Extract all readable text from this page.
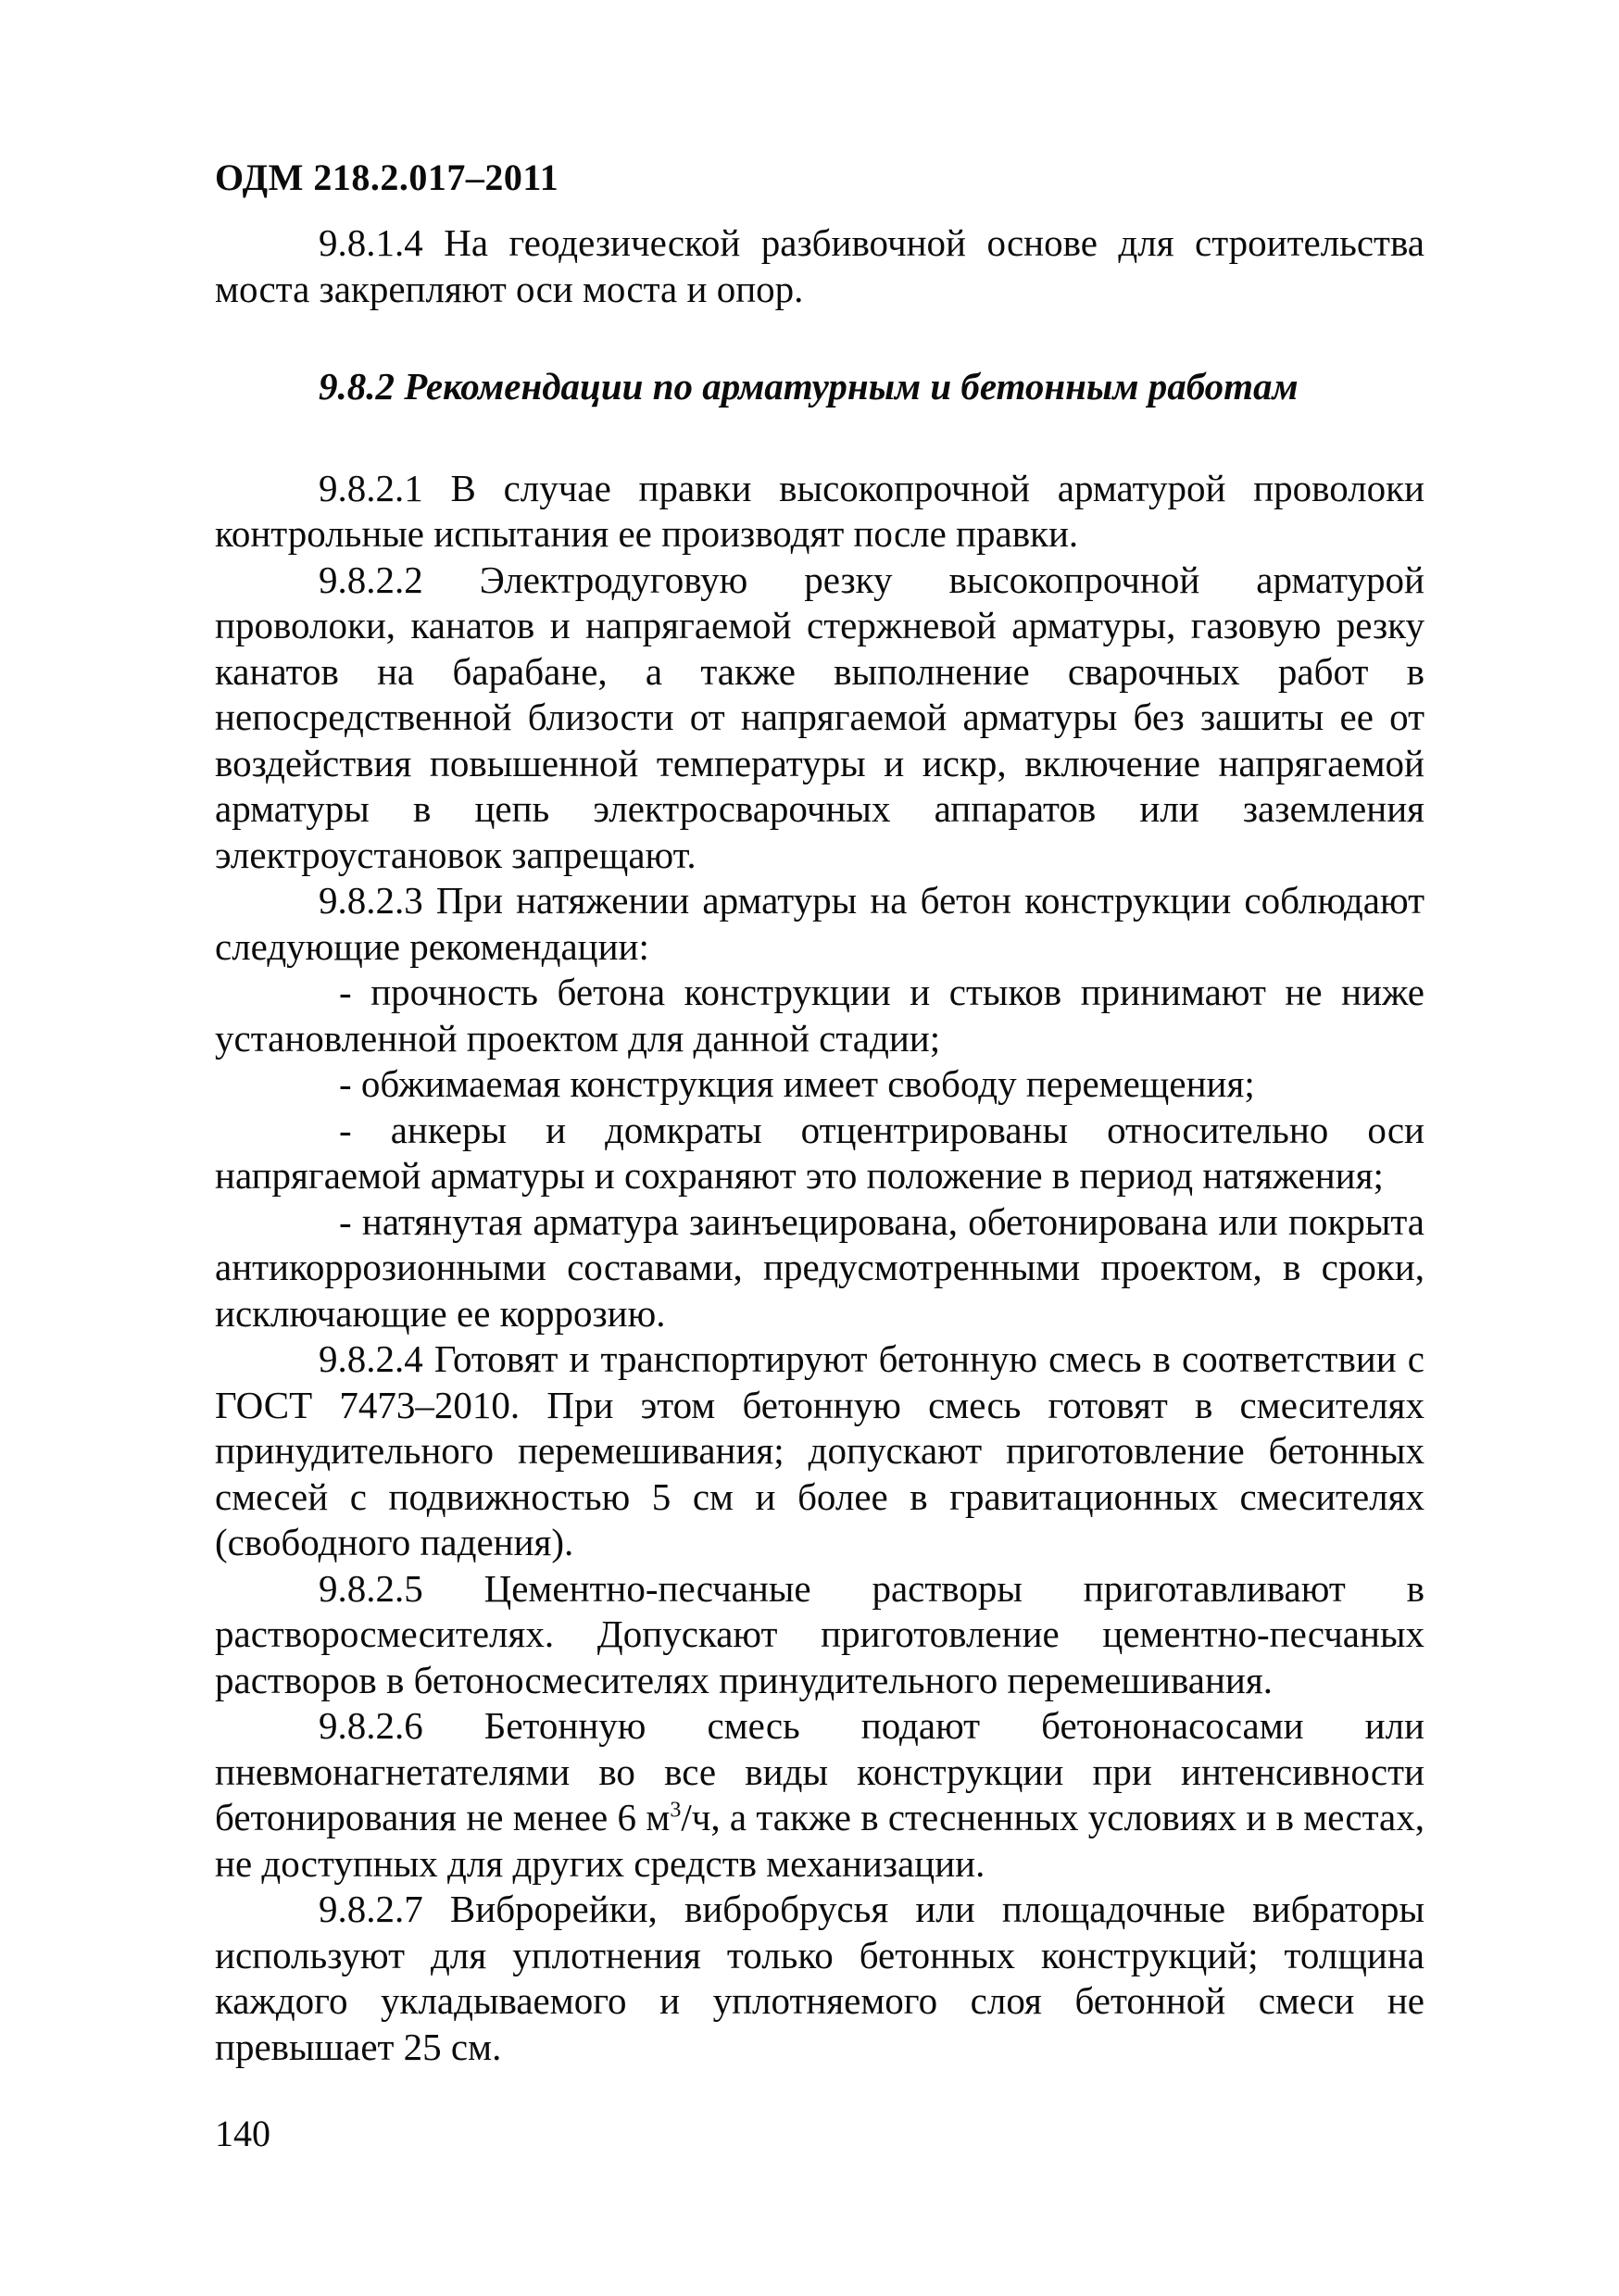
ОДМ 218.2.017–2011

9.8.1.4 На геодезической разбивочной основе для строительства моста закрепляют оси моста и опор.

9.8.2 Рекомендации по арматурным и бетонным работам

9.8.2.1 В случае правки высокопрочной арматурой проволоки контрольные испытания ее производят после правки.

9.8.2.2 Электродуговую резку высокопрочной арматурой проволоки, канатов и напрягаемой стержневой арматуры, газовую резку канатов на барабане, а также выполнение сварочных работ в непосредственной близости от напрягаемой арматуры без зашиты ее от воздействия повышенной температуры и искр, включение напрягаемой арматуры в цепь электросварочных аппаратов или заземления электроустановок запрещают.

9.8.2.3 При натяжении арматуры на бетон конструкции соблюдают следующие рекомендации:

- прочность бетона конструкции и стыков принимают не ниже установленной проектом для данной стадии;

- обжимаемая конструкция имеет свободу перемещения;

- анкеры и домкраты отцентрированы относительно оси напрягаемой арматуры и сохраняют это положение в период натяжения;

- натянутая арматура заинъецирована, обетонирована или покрыта антикоррозионными составами, предусмотренными проектом, в сроки, исключающие ее коррозию.

9.8.2.4 Готовят и транспортируют бетонную смесь в соответствии с ГОСТ 7473–2010. При этом бетонную смесь готовят в смесителях принудительного перемешивания; допускают приготовление бетонных смесей с подвижностью 5 см и более в гравитационных смесителях (свободного падения).

9.8.2.5 Цементно-песчаные растворы приготавливают в растворосмесителях. Допускают приготовление цементно-песчаных растворов в бетоносмесителях принудительного перемешивания.

9.8.2.6 Бетонную смесь подают бетононасосами или пневмонагнетателями во все виды конструкции при интенсивности бетонирования не менее 6 $м^3/ч$, а также в стесненных условиях и в местах, не доступных для других средств механизации.

9.8.2.7 Виброрейки, вибробрусья или площадочные вибраторы используют для уплотнения только бетонных конструкций; толщина каждого укладываемого и уплотняемого слоя бетонной смеси не превышает 25 см.

140
